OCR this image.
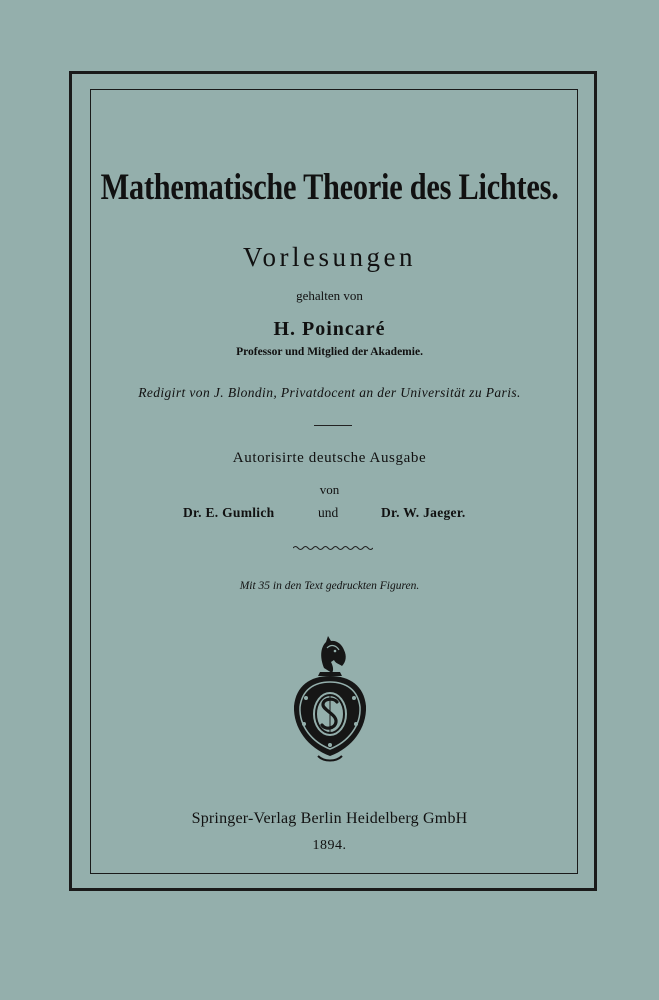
Mathematische Theorie des Lichtes.
Vorlesungen
gehalten von
H. Poincaré
Professor und Mitglied der Akademie.
Redigirt von J. Blondin, Privatdocent an der Universität zu Paris.
Autorisirte deutsche Ausgabe
von
Dr. E. Gumlich	und	Dr. W. Jaeger.
Mit 35 in den Text gedruckten Figuren.
Springer-Verlag Berlin Heidelberg GmbH
1894.
